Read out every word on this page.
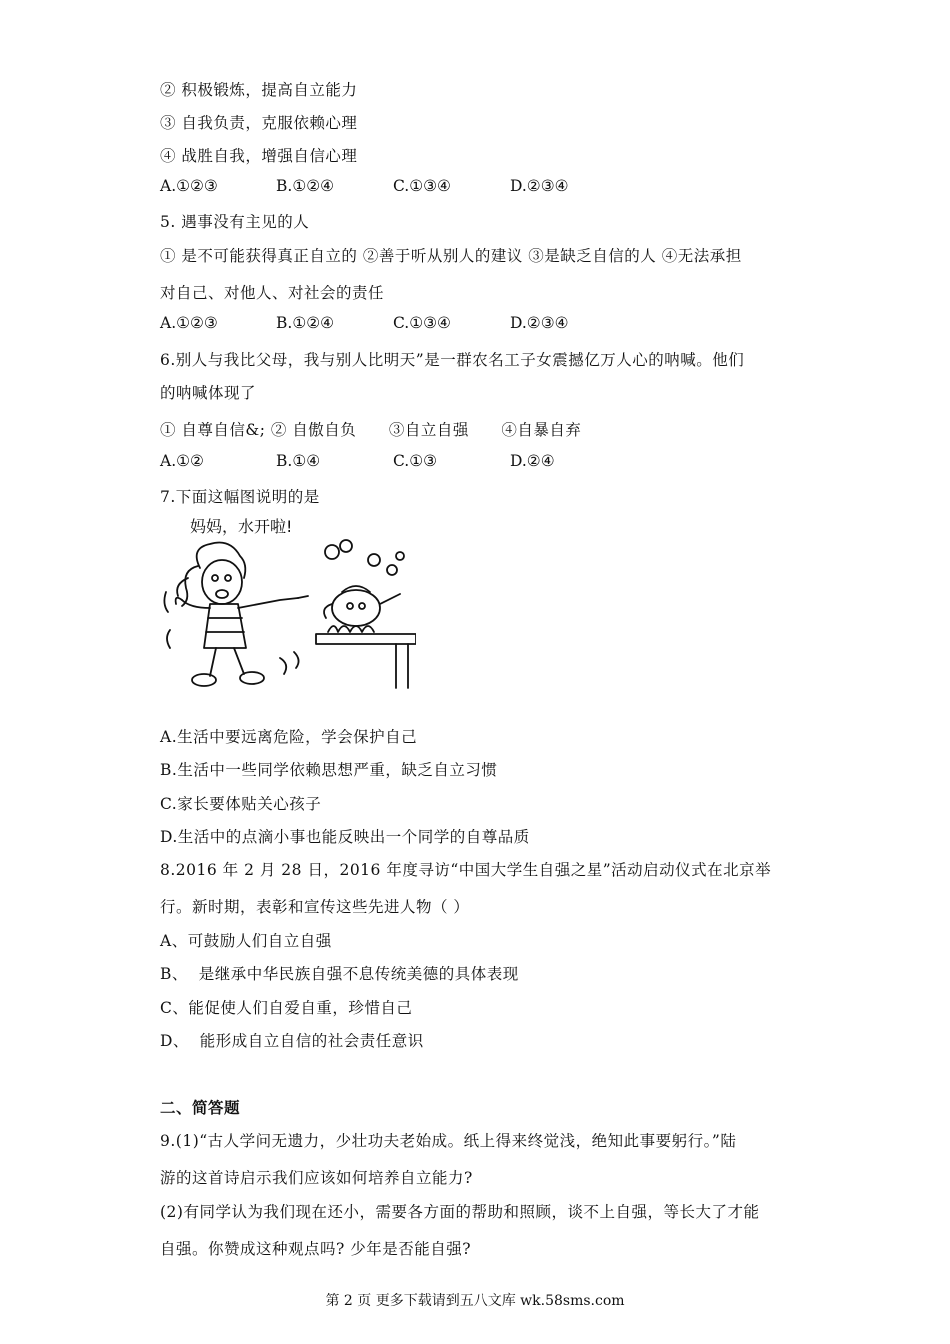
② 积极锻炼，提高自立能力
③ 自我负责，克服依赖心理
④ 战胜自我，增强自信心理
A.①②③	B.①②④	C.①③④	D.②③④
5. 遇事没有主见的人
① 是不可能获得真正自立的 ②善于听从别人的建议 ③是缺乏自信的人 ④无法承担
对自己、对他人、对社会的责任
A.①②③	B.①②④	C.①③④	D.②③④
6.别人与我比父母，我与别人比明天”是一群农名工子女震撼亿万人心的呐喊。他们
的呐喊体现了
① 自尊自信&; ② 自傲自负      ③自立自强      ④自暴自弃
A.①②	B.①④	C.①③	D.②④
7.下面这幅图说明的是
妈妈，水开啦!
A.生活中要远离危险，学会保护自己
B.生活中一些同学依赖思想严重，缺乏自立习惯
C.家长要体贴关心孩子
D.生活中的点滴小事也能反映出一个同学的自尊品质
8.2016 年 2 月 28 日，2016 年度寻访“中国大学生自强之星”活动启动仪式在北京举
行。新时期，表彰和宣传这些先进人物（ ）
A、可鼓励人们自立自强
B、  是继承中华民族自强不息传统美德的具体表现
C、能促使人们自爱自重，珍惜自己
D、  能形成自立自信的社会责任意识
二、简答题
9.(1)“古人学问无遗力，少壮功夫老始成。纸上得来终觉浅，绝知此事要躬行。”陆
游的这首诗启示我们应该如何培养自立能力?
(2)有同学认为我们现在还小，需要各方面的帮助和照顾，谈不上自强，等长大了才能
自强。你赞成这种观点吗? 少年是否能自强?
第 2 页 更多下载请到五八文库 wk.58sms.com
